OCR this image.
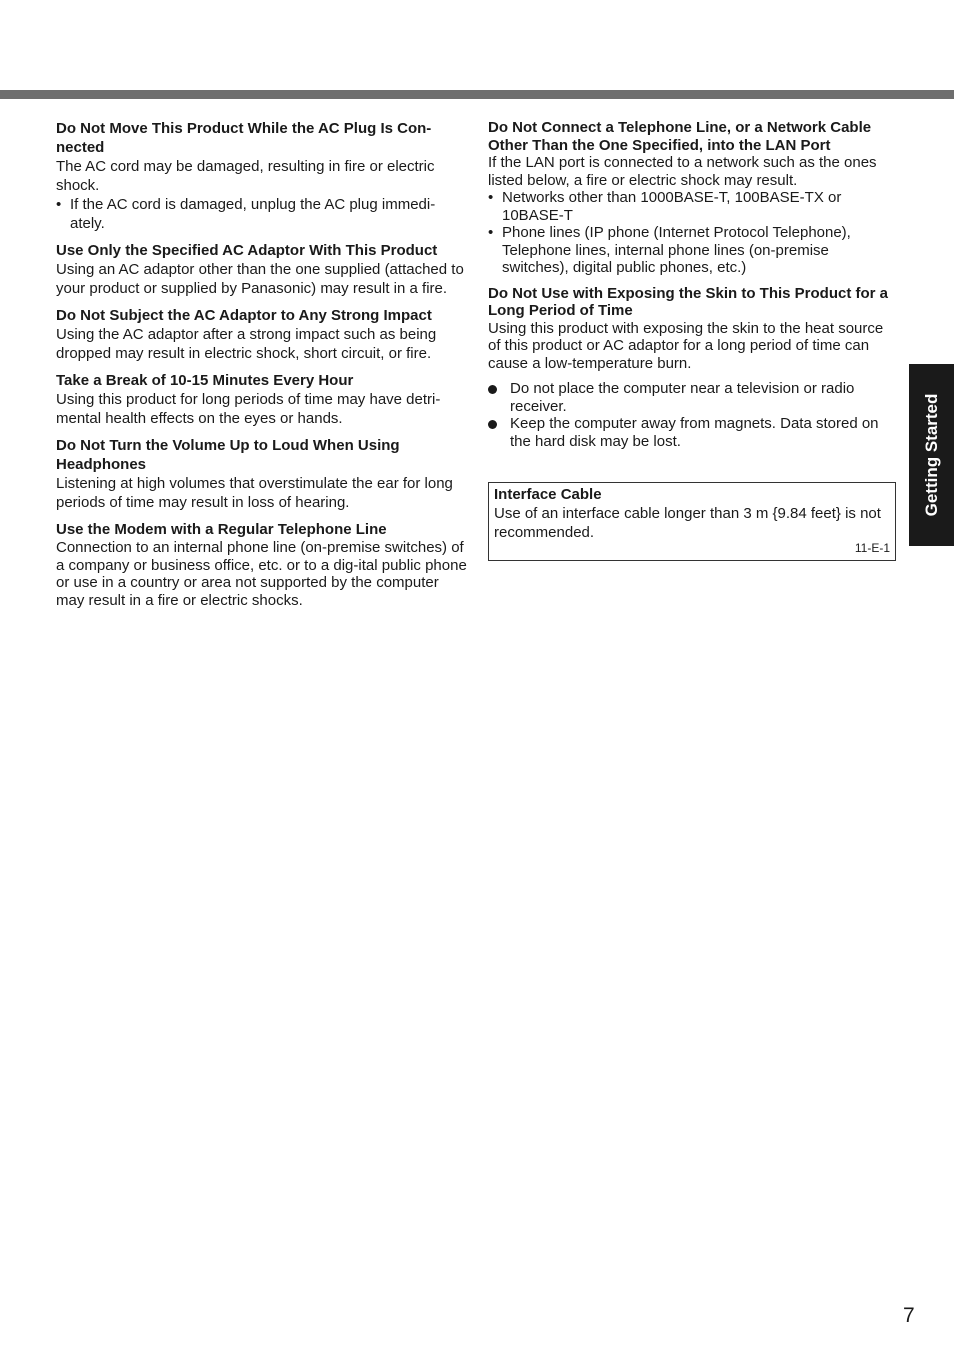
Do Not Move This Product While the AC Plug Is Con-nected

The AC cord may be damaged, resulting in fire or electric shock.

• If the AC cord is damaged, unplug the AC plug immedi-ately.

Use Only the Specified AC Adaptor With This Product

Using an AC adaptor other than the one supplied (attached to your product or supplied by Panasonic) may result in a fire.

Do Not Subject the AC Adaptor to Any Strong Impact

Using the AC adaptor after a strong impact such as being dropped may result in electric shock, short circuit, or fire.

Take a Break of 10-15 Minutes Every Hour

Using this product for long periods of time may have detri-mental health effects on the eyes or hands.

Do Not Turn the Volume Up to Loud When Using Headphones

Listening at high volumes that overstimulate the ear for long periods of time may result in loss of hearing.

Use the Modem with a Regular Telephone Line

Connection to an internal phone line (on-premise switches) of a company or business office, etc. or to a dig-ital public phone or use in a country or area not supported by the computer may result in a fire or electric shocks.

Do Not Connect a Telephone Line, or a Network Cable Other Than the One Specified, into the LAN Port

If the LAN port is connected to a network such as the ones listed below, a fire or electric shock may result.

• Networks other than 1000BASE-T, 100BASE-TX or 10BASE-T

• Phone lines (IP phone (Internet Protocol Telephone), Telephone lines, internal phone lines (on-premise switches), digital public phones, etc.)

Do Not Use with Exposing the Skin to This Product for a Long Period of Time

Using this product with exposing the skin to the heat source of this product or AC adaptor for a long period of time can cause a low-temperature burn.

Do not place the computer near a television or radio receiver.

Keep the computer away from magnets. Data stored on the hard disk may be lost.

Interface Cable
Use of an interface cable longer than 3 m {9.84 feet} is not recommended.
11-E-1
Getting Started
7
